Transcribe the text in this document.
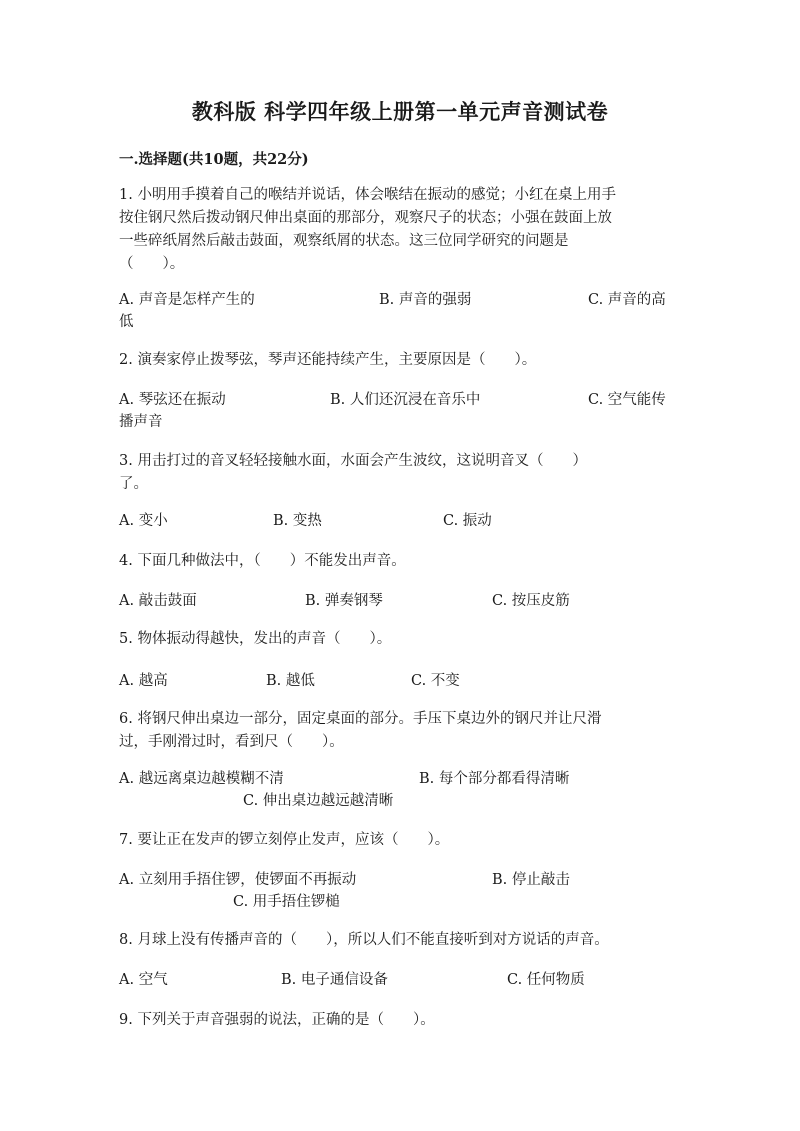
教科版 科学四年级上册第一单元声音测试卷
一.选择题(共10题，共22分)
1. 小明用手摸着自己的喉结并说话，体会喉结在振动的感觉；小红在桌上用手
按住钢尺然后拨动钢尺伸出桌面的那部分，观察尺子的状态；小强在鼓面上放
一些碎纸屑然后敲击鼓面，观察纸屑的状态。这三位同学研究的问题是
（　　）。
A. 声音是怎样产生的	B. 声音的强弱	C. 声音的高
低
2. 演奏家停止拨琴弦，琴声还能持续产生，主要原因是（　　）。
A. 琴弦还在振动	B. 人们还沉浸在音乐中	C. 空气能传
播声音
3. 用击打过的音叉轻轻接触水面，水面会产生波纹，这说明音叉（　　）
了。
A. 变小	B. 变热	C. 振动
4. 下面几种做法中，（　　）不能发出声音。
A. 敲击鼓面	B. 弹奏钢琴	C. 按压皮筋
5. 物体振动得越快，发出的声音（　　）。
A. 越高	B. 越低	C. 不变
6. 将钢尺伸出桌边一部分，固定桌面的部分。手压下桌边外的钢尺并让尺滑
过，手刚滑过时，看到尺（　　）。
A. 越远离桌边越模糊不清	B. 每个部分都看得清晰
C. 伸出桌边越远越清晰
7. 要让正在发声的锣立刻停止发声，应该（　　）。
A. 立刻用手捂住锣，使锣面不再振动	B. 停止敲击
C. 用手捂住锣槌
8. 月球上没有传播声音的（　　），所以人们不能直接听到对方说话的声音。
A. 空气	B. 电子通信设备	C. 任何物质
9. 下列关于声音强弱的说法，正确的是（　　）。
